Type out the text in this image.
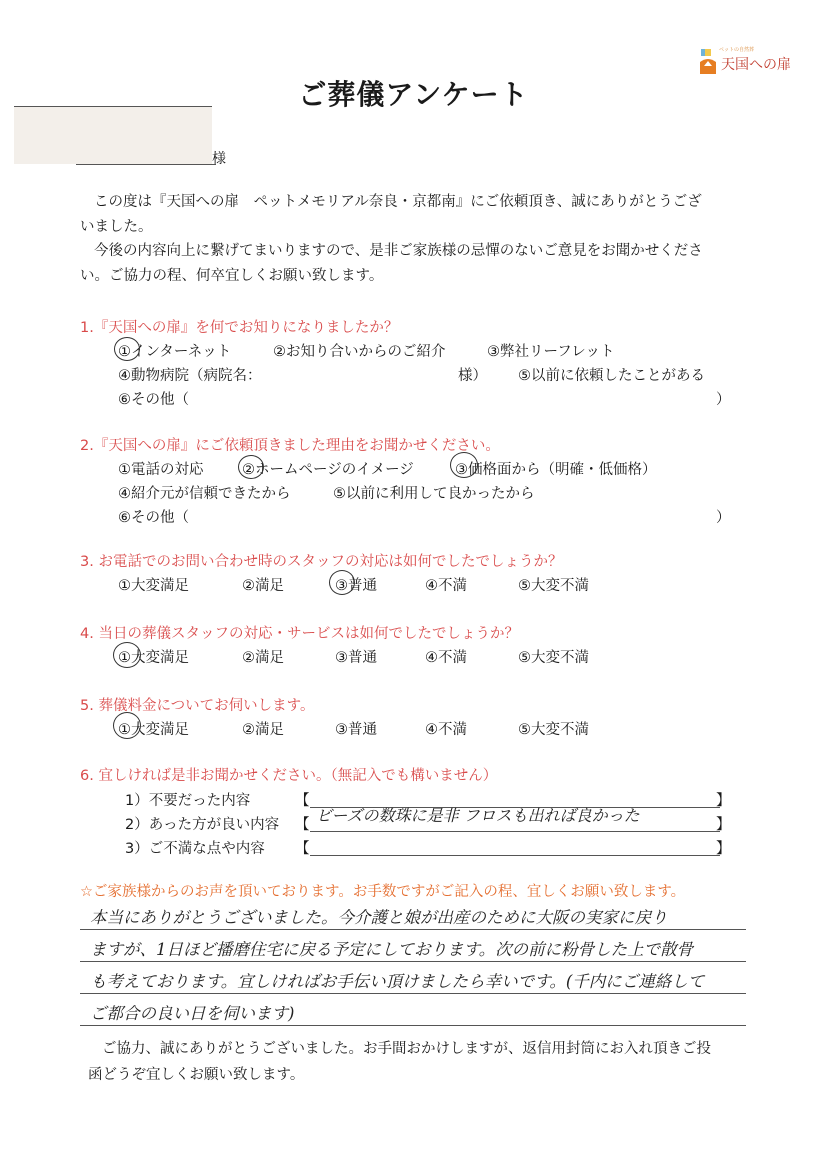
ペットの自然葬
天国への扉
ご葬儀アンケート
様

この度は『天国への扉　ペットメモリアル奈良・京都南』にご依頼頂き、誠にありがとうござ

いました。

今後の内容向上に繋げてまいりますので、是非ご家族様の忌憚のないご意見をお聞かせくださ

い。ご協力の程、何卒宜しくお願い致します。

1.『天国への扉』を何でお知りになりましたか？
①インターネット	②お知り合いからのご紹介	③弊社リーフレット
④動物病院（病院名：	様） ⑤以前に依頼したことがある
⑥その他（	）
2.『天国への扉』にご依頼頂きました理由をお聞かせください。
①電話の対応	②ホームページのイメージ	③価格面から（明確・低価格）
④紹介元が信頼できたから	⑤以前に利用して良かったから
⑥その他（	）
3. お電話でのお問い合わせ時のスタッフの対応は如何でしたでしょうか？
①大変満足	②満足	③普通	④不満	⑤大変不満
4. 当日の葬儀スタッフの対応・サービスは如何でしたでしょうか？
①大変満足	②満足	③普通	④不満	⑤大変不満
5. 葬儀料金についてお伺いします。
①大変満足	②満足	③普通	④不満	⑤大変不満
6. 宜しければ是非お聞かせください。（無記入でも構いません）
1）不要だった内容	【	】
2）あった方が良い内容 【 ビーズの数珠に是非 フロスも出れば良かった	】
3）ご不満な点や内容 【	】
☆ご家族様からのお声を頂いております。お手数ですがご記入の程、宜しくお願い致します。
本当にありがとうございました。今介護と娘が出産のために大阪の実家に戻り
ますが、1日ほど播磨住宅に戻る予定にしております。次の前に粉骨した上で散骨
も考えております。宜しければお手伝い頂けましたら幸いです。(千内にご連絡して
ご都合の良い日を伺います)

ご協力、誠にありがとうございました。お手間おかけしますが、返信用封筒にお入れ頂きご投

函どうぞ宜しくお願い致します。
